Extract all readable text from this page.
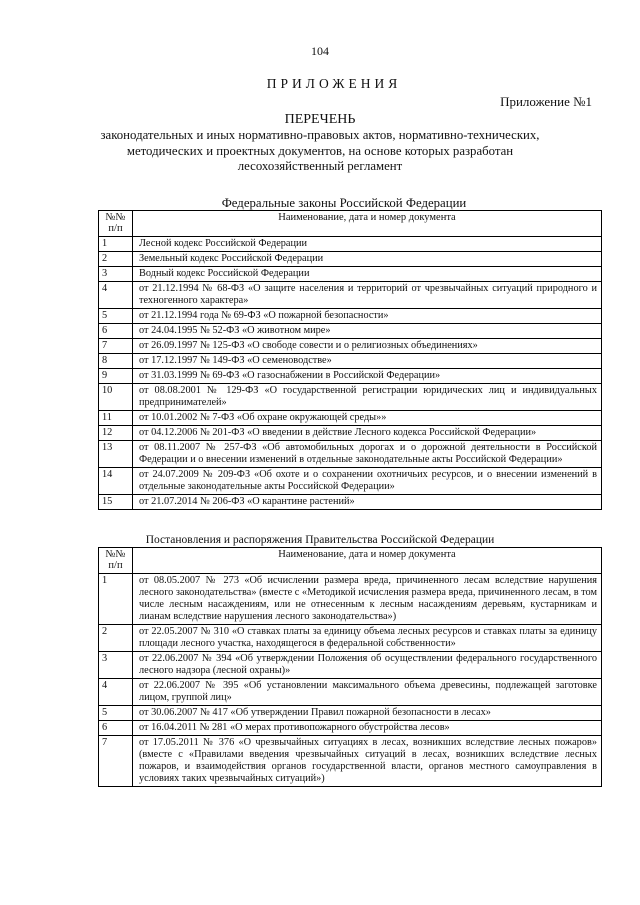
104
ПРИЛОЖЕНИЯ
Приложение №1
ПЕРЕЧЕНЬ
законодательных и иных нормативно-правовых актов, нормативно-технических, методических и проектных документов, на основе которых разработан лесохозяйственный регламент
Федеральные законы Российской Федерации
№№ п/п	Наименование, дата и номер документа
1	Лесной кодекс Российской Федерации
2	Земельный кодекс Российской Федерации
3	Водный кодекс Российской Федерации
4	от 21.12.1994 № 68-ФЗ «О защите населения и территорий от чрезвычайных ситуаций природного и техногенного характера»
5	от 21.12.1994 года № 69-ФЗ «О пожарной безопасности»
6	от 24.04.1995 № 52-ФЗ «О животном мире»
7	от 26.09.1997 № 125-ФЗ «О свободе совести и о религиозных объединениях»
8	от 17.12.1997 № 149-ФЗ «О семеноводстве»
9	от 31.03.1999 № 69-ФЗ «О газоснабжении в Российской Федерации»
10	от 08.08.2001 № 129-ФЗ «О государственной регистрации юридических лиц и индивидуальных предпринимателей»
11	от 10.01.2002 № 7-ФЗ «Об охране окружающей среды»»
12	от 04.12.2006 № 201-ФЗ «О введении в действие Лесного кодекса Российской Федерации»
13	от 08.11.2007 № 257-ФЗ «Об автомобильных дорогах и о дорожной деятельности в Российской Федерации и о внесении изменений в отдельные законодательные акты Российской Федерации»
14	от 24.07.2009 № 209-ФЗ «Об охоте и о сохранении охотничьих ресурсов, и о внесении изменений в отдельные законодательные акты Российской Федерации»
15	от 21.07.2014 № 206-ФЗ «О карантине растений»
Постановления и распоряжения Правительства Российской Федерации
№№ п/п	Наименование, дата и номер документа
1	от 08.05.2007 № 273 «Об исчислении размера вреда, причиненного лесам вследствие нарушения лесного законодательства» (вместе с «Методикой исчисления размера вреда, причиненного лесам, в том числе лесным насаждениям, или не отнесенным к лесным насаждениям деревьям, кустарникам и лианам вследствие нарушения лесного законодательства»)
2	от 22.05.2007 № 310 «О ставках платы за единицу объема лесных ресурсов и ставках платы за единицу площади лесного участка, находящегося в федеральной собственности»
3	от 22.06.2007 № 394 «Об утверждении Положения об осуществлении федерального государственного лесного надзора (лесной охраны)»
4	от 22.06.2007 № 395 «Об установлении максимального объема древесины, подлежащей заготовке лицом, группой лиц»
5	от 30.06.2007 № 417 «Об утверждении Правил пожарной безопасности в лесах»
6	от 16.04.2011 № 281 «О мерах противопожарного обустройства лесов»
7	от 17.05.2011 № 376 «О чрезвычайных ситуациях в лесах, возникших вследствие лесных пожаров» (вместе с «Правилами введения чрезвычайных ситуаций в лесах, возникших вследствие лесных пожаров, и взаимодействия органов государственной власти, органов местного самоуправления в условиях таких чрезвычайных ситуаций»)
